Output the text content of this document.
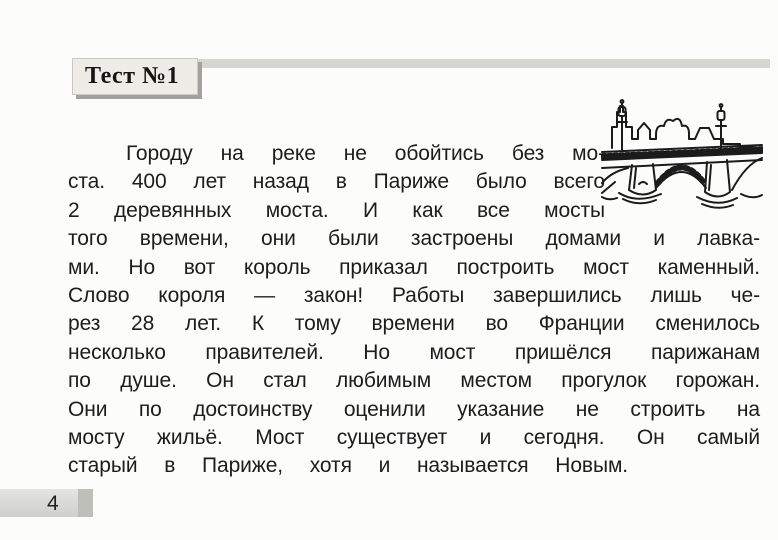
Тест №1
Городу на реке не обойтись без мо-
ста. 400 лет назад в Париже было всего
2 деревянных моста. И как все мосты
того времени, они были застроены домами и лавка-
ми. Но вот король приказал построить мост каменный.
Слово короля — закон! Работы завершились лишь че-
рез 28 лет. К тому времени во Франции сменилось
несколько правителей. Но мост пришёлся парижанам
по душе. Он стал любимым местом прогулок горожан.
Они по достоинству оценили указание не строить на
мосту жильё. Мост существует и сегодня. Он самый
старый в Париже, хотя и называется Новым.
4
